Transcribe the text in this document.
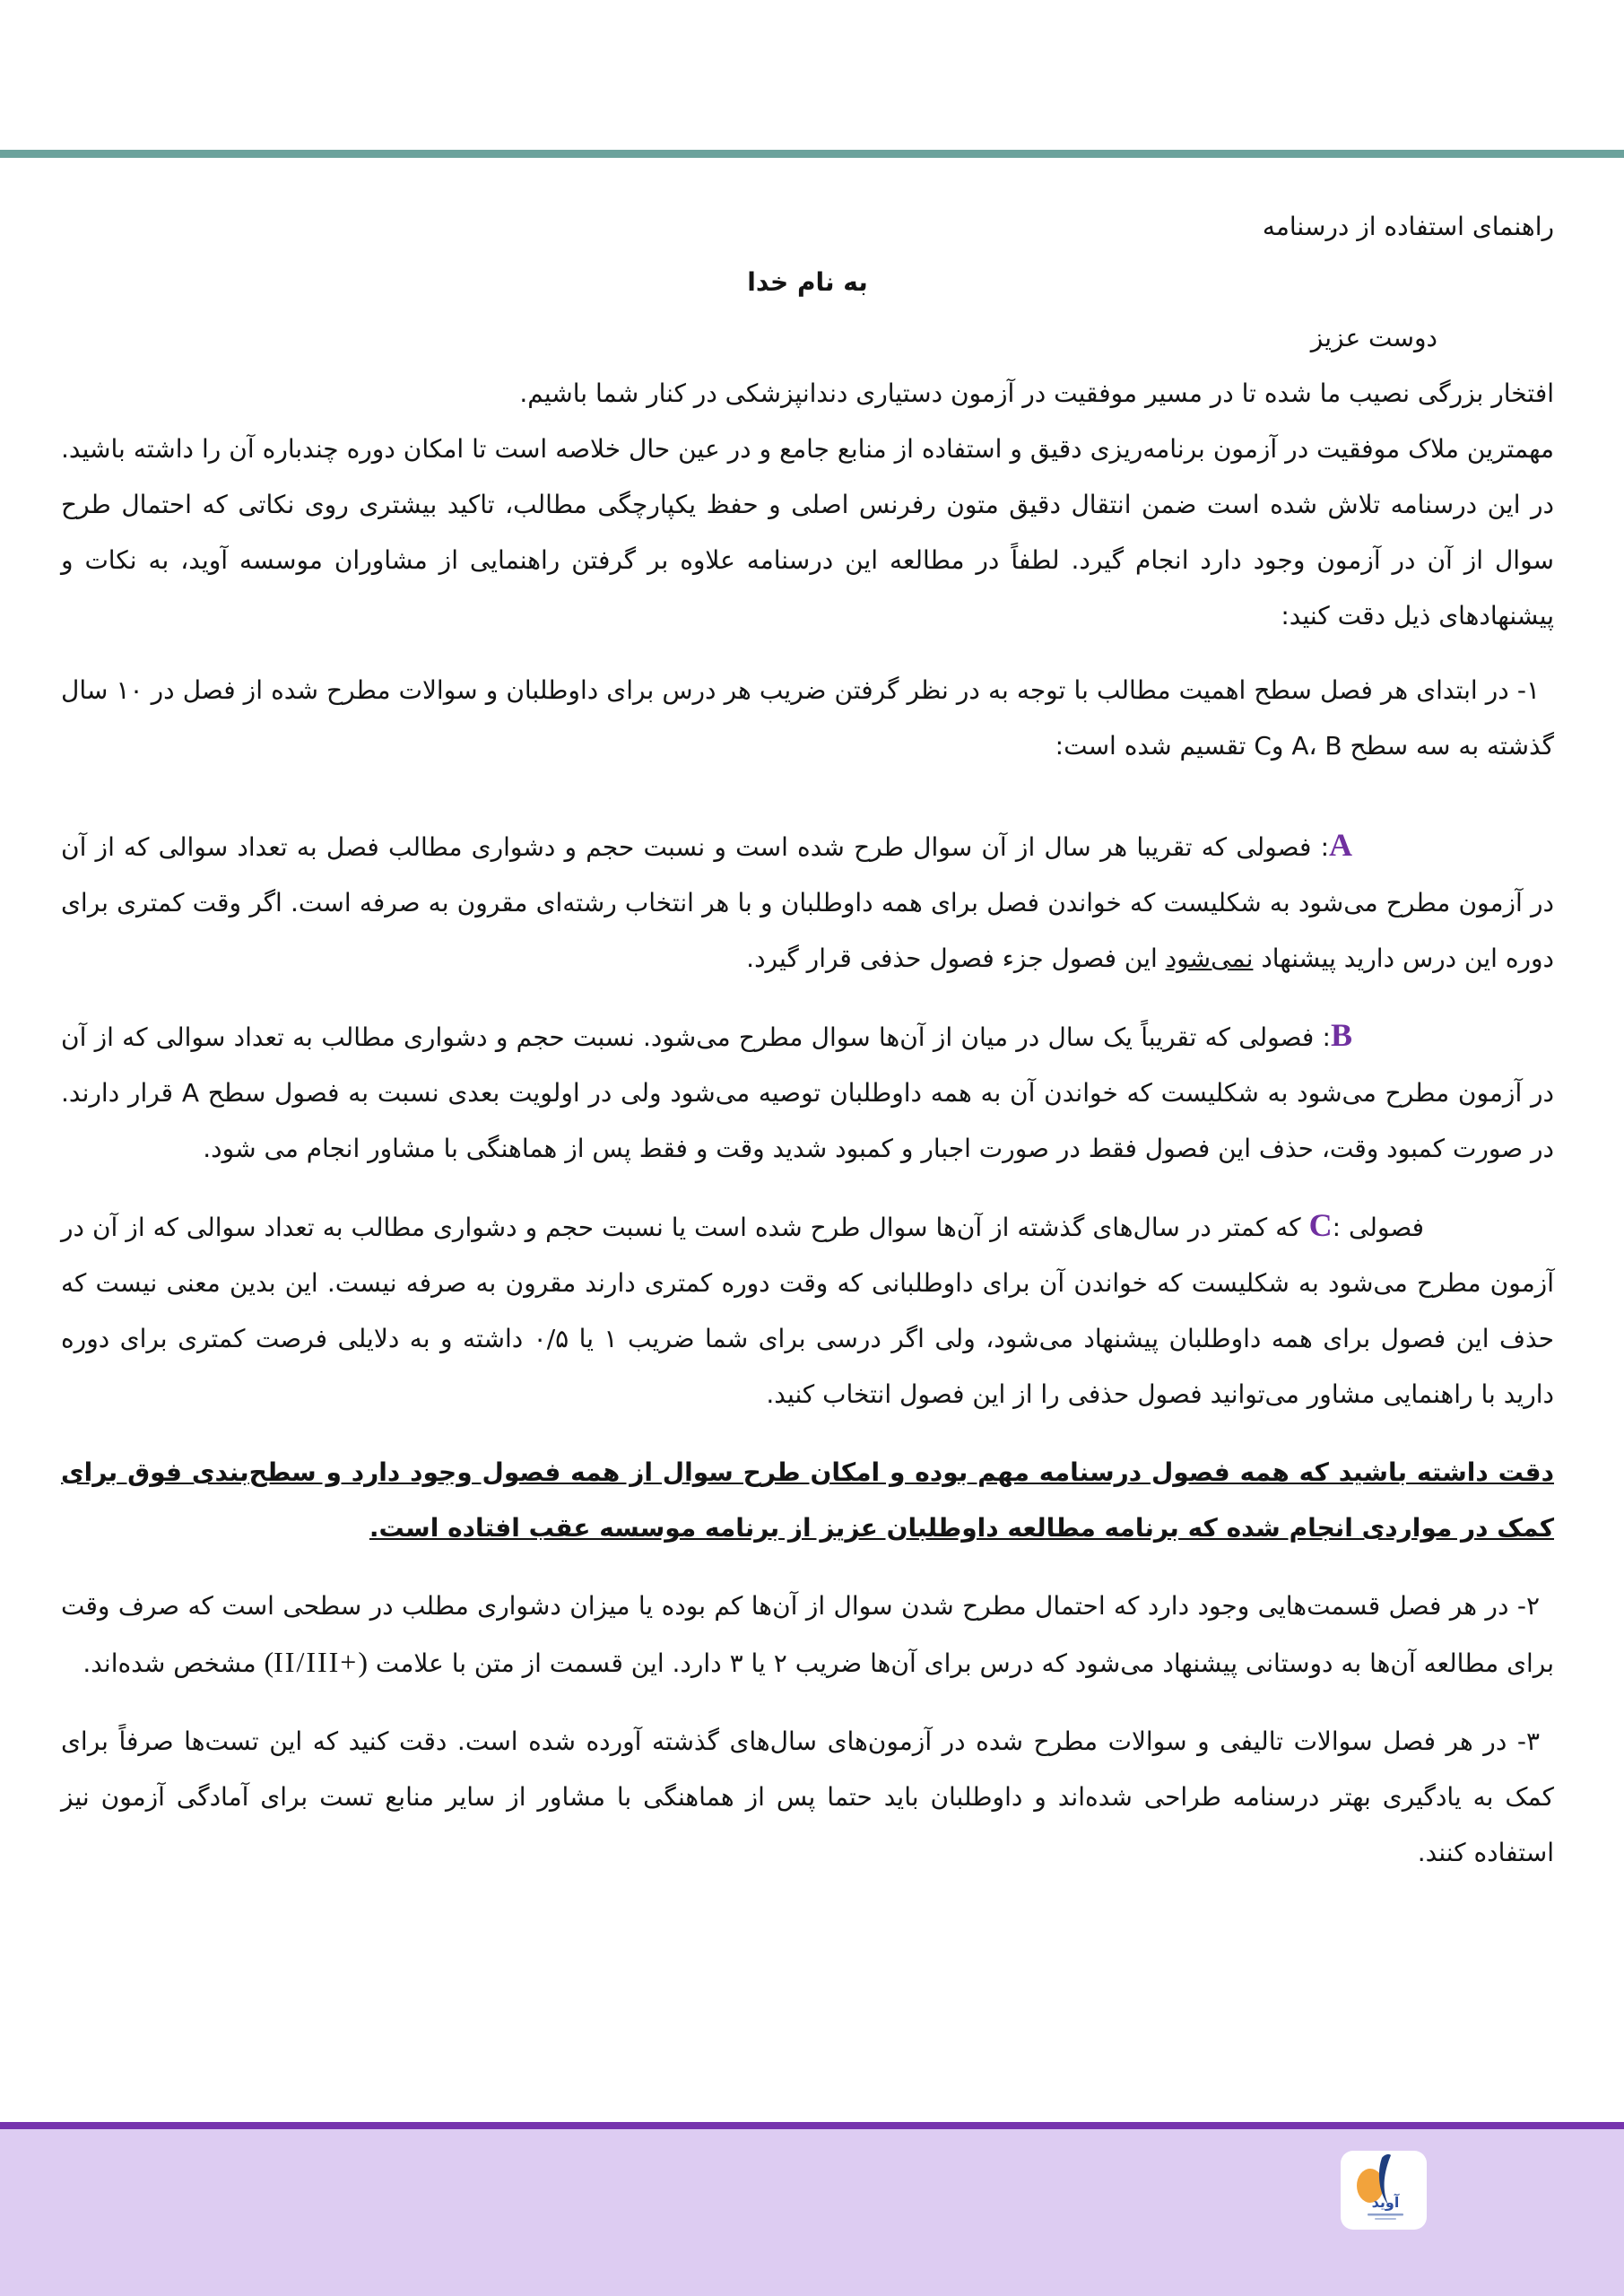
راهنمای استفاده از درسنامه

به نام خدا

دوست عزیز

افتخار بزرگی نصیب ما شده تا در مسیر موفقیت در آزمون دستیاری دندانپزشکی در کنار شما باشیم.

مهمترین ملاک موفقیت در آزمون برنامه‌ریزی دقیق و استفاده از منابع جامع و در عین حال خلاصه است تا امکان دوره چندباره آن را داشته باشید. در این درسنامه تلاش شده است ضمن انتقال دقیق متون رفرنس اصلی و حفظ یکپارچگی مطالب، تاکید بیشتری روی نکاتی که احتمال طرح سوال از آن در آزمون وجود دارد انجام گیرد. لطفاً در مطالعه این درسنامه علاوه بر گرفتن راهنمایی از مشاوران موسسه آوید، به نکات و پیشنهادهای ذیل دقت کنید:

۱- در ابتدای هر فصل سطح اهمیت مطالب با توجه به در نظر گرفتن ضریب هر درس برای داوطلبان و سوالات مطرح شده از فصل در ۱۰ سال گذشته به سه سطح A، B وC تقسیم شده است:

A: فصولی که تقریبا هر سال از آن سوال طرح شده است و نسبت حجم و دشواری مطالب فصل به تعداد سوالی که از آن در آزمون مطرح می‌شود به شکلیست که خواندن فصل برای همه داوطلبان و با هر انتخاب رشته‌ای مقرون به صرفه است. اگر وقت کمتری برای دوره این درس دارید پیشنهاد نمی‌شود این فصول جزء فصول حذفی قرار گیرد.

B: فصولی که تقریباً یک سال در میان از آن‌ها سوال مطرح می‌شود. نسبت حجم و دشواری مطالب به تعداد سوالی که از آن در آزمون مطرح می‌شود به شکلیست که خواندن آن به همه داوطلبان توصیه می‌شود ولی در اولویت بعدی نسبت به فصول سطح A قرار دارند. در صورت کمبود وقت، حذف این فصول فقط در صورت اجبار و کمبود شدید وقت و فقط پس از هماهنگی با مشاور انجام می شود.

فصولی C: که کمتر در سال‌های گذشته از آن‌ها سوال طرح شده است یا نسبت حجم و دشواری مطالب به تعداد سوالی که از آن در آزمون مطرح می‌شود به شکلیست که خواندن آن برای داوطلبانی که وقت دوره کمتری دارند مقرون به صرفه نیست. این بدین معنی نیست که حذف این فصول برای همه داوطلبان پیشنهاد می‌شود، ولی اگر درسی برای شما ضریب ۱ یا ۰/۵ داشته و به دلایلی فرصت کمتری برای دوره دارید با راهنمایی مشاور می‌توانید فصول حذفی را از این فصول انتخاب کنید.

دقت داشته باشید که همه فصول درسنامه مهم بوده و امکان طرح سوال از همه فصول وجود دارد و سطح‌بندی فوق برای کمک در مواردی انجام شده که برنامه مطالعه داوطلبان عزیز از برنامه موسسه عقب افتاده است.

۲- در هر فصل قسمت‌هایی وجود دارد که احتمال مطرح شدن سوال از آن‌ها کم بوده یا میزان دشواری مطلب در سطحی است که صرف وقت برای مطالعه آن‌ها به دوستانی پیشنهاد می‌شود که درس برای آن‌ها ضریب ۲ یا ۳ دارد. این قسمت از متن با علامت (II/III+) مشخص شده‌اند.

۳- در هر فصل سوالات تالیفی و سوالات مطرح شده در آزمون‌های سال‌های گذشته آورده شده است. دقت کنید که این تست‌ها صرفاً برای کمک به یادگیری بهتر درسنامه طراحی شده‌اند و داوطلبان باید حتما پس از هماهنگی با مشاور از سایر منابع تست برای آمادگی آزمون نیز استفاده کنند.

آوید
